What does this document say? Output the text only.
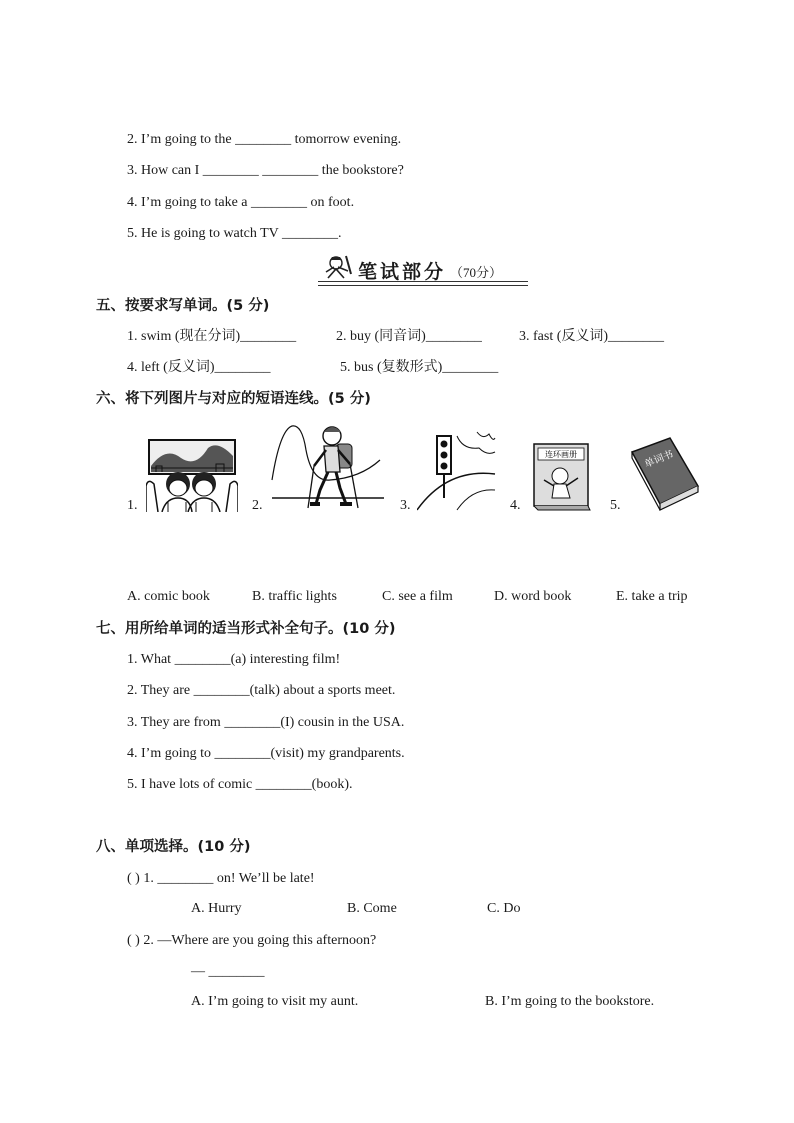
2. I’m going to the ________ tomorrow evening.
3. How can I ________ ________ the bookstore?
4. I’m going to take a ________ on foot.
5. He is going to watch TV ________.
笔试部分 （70分）
五、按要求写单词。(5 分)
1. swim (现在分词)________	2. buy (同音词)________	3. fast (反义词)________
4. left (反义词)________	5. bus (复数形式)________
六、将下列图片与对应的短语连线。(5 分)
1.	2.	3.	4.	5.
连环画册	单词书
A. comic book	B. traffic lights	C. see a film	D. word book	E. take a trip
七、用所给单词的适当形式补全句子。(10 分)
1. What ________(a) interesting film!
2. They are ________(talk) about a sports meet.
3. They are from ________(I) cousin in the USA.
4. I’m going to ________(visit) my grandparents.
5. I have lots of comic ________(book).
八、单项选择。(10 分)
( ) 1. ________ on! We’ll be late!
A. Hurry	B. Come	C. Do
( ) 2. —Where are you going this afternoon?
— ________
A. I’m going to visit my aunt.	B. I’m going to the bookstore.
